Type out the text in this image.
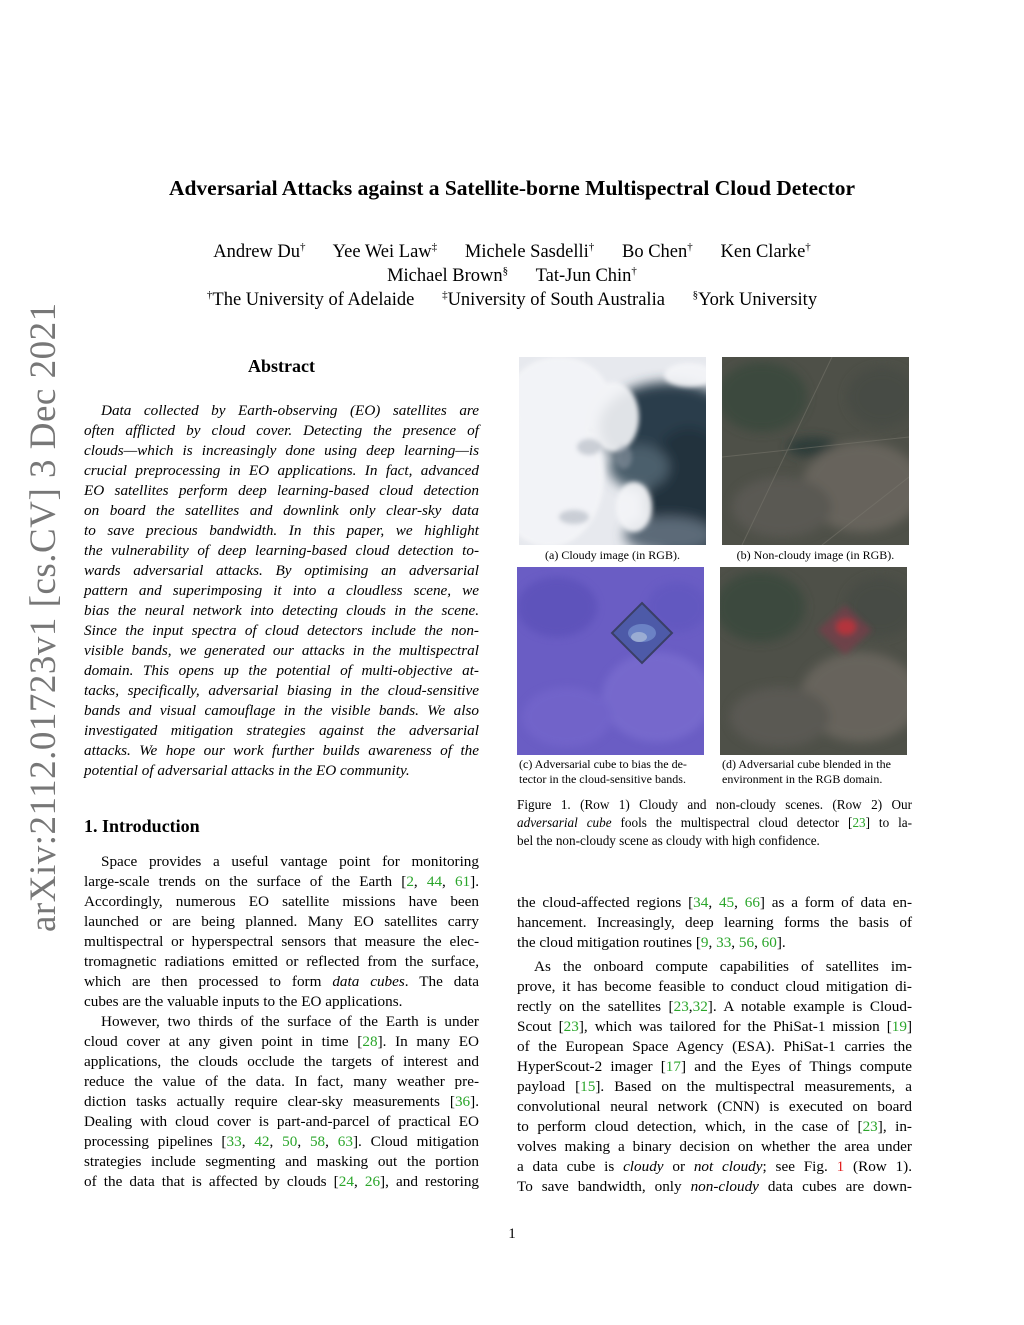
Adversarial Attacks against a Satellite-borne Multispectral Cloud Detector
Andrew Du† Yee Wei Law‡ Michele Sasdelli† Bo Chen† Ken Clarke†
Michael Brown§ Tat-Jun Chin†
†The University of Adelaide	‡University of South Australia	§York University
arXiv:2112.01723v1 [cs.CV] 3 Dec 2021	Abstract
Data collected by Earth-observing (EO) satellites are
often afflicted by cloud cover. Detecting the presence of
clouds—which is increasingly done using deep learning—is
crucial preprocessing in EO applications. In fact, advanced
EO satellites perform deep learning-based cloud detection
on board the satellites and downlink only clear-sky data
to save precious bandwidth. In this paper, we highlight
the vulnerability of deep learning-based cloud detection to-
wards adversarial attacks. By optimising an adversarial
pattern and superimposing it into a cloudless scene, we
bias the neural network into detecting clouds in the scene.
Since the input spectra of cloud detectors include the non-
visible bands, we generated our attacks in the multispectral
domain. This opens up the potential of multi-objective at-
tacks, specifically, adversarial biasing in the cloud-sensitive
bands and visual camouflage in the visible bands. We also
investigated mitigation strategies against the adversarial
attacks. We hope our work further builds awareness of the
potential of adversarial attacks in the EO community.
1. Introduction
Space provides a useful vantage point for monitoring
large-scale trends on the surface of the Earth [2, 44, 61].
Accordingly, numerous EO satellite missions have been
launched or are being planned. Many EO satellites carry
multispectral or hyperspectral sensors that measure the elec-
tromagnetic radiations emitted or reflected from the surface,
which are then processed to form data cubes. The data
cubes are the valuable inputs to the EO applications.
However, two thirds of the surface of the Earth is under
cloud cover at any given point in time [28]. In many EO
applications, the clouds occlude the targets of interest and
reduce the value of the data. In fact, many weather pre-
diction tasks actually require clear-sky measurements [36].
Dealing with cloud cover is part-and-parcel of practical EO
processing pipelines [33, 42, 50, 58, 63]. Cloud mitigation
strategies include segmenting and masking out the portion
of the data that is affected by clouds [24, 26], and restoring
(a) Cloudy image (in RGB).	(b) Non-cloudy image (in RGB).
(c) Adversarial cube to bias the de-
tector in the cloud-sensitive bands.
(d) Adversarial cube blended in the
environment in the RGB domain.
Figure 1. (Row 1) Cloudy and non-cloudy scenes. (Row 2) Our
adversarial cube fools the multispectral cloud detector [23] to la-
bel the non-cloudy scene as cloudy with high confidence.
the cloud-affected regions [34, 45, 66] as a form of data en-
hancement. Increasingly, deep learning forms the basis of
the cloud mitigation routines [9, 33, 56, 60].
As the onboard compute capabilities of satellites im-
prove, it has become feasible to conduct cloud mitigation di-
rectly on the satellites [23,32]. A notable example is Cloud-
Scout [23], which was tailored for the PhiSat-1 mission [19]
of the European Space Agency (ESA). PhiSat-1 carries the
HyperScout-2 imager [17] and the Eyes of Things compute
payload [15]. Based on the multispectral measurements, a
convolutional neural network (CNN) is executed on board
to perform cloud detection, which, in the case of [23], in-
volves making a binary decision on whether the area under
a data cube is cloudy or not cloudy; see Fig. 1 (Row 1).
To save bandwidth, only non-cloudy data cubes are down-
1
